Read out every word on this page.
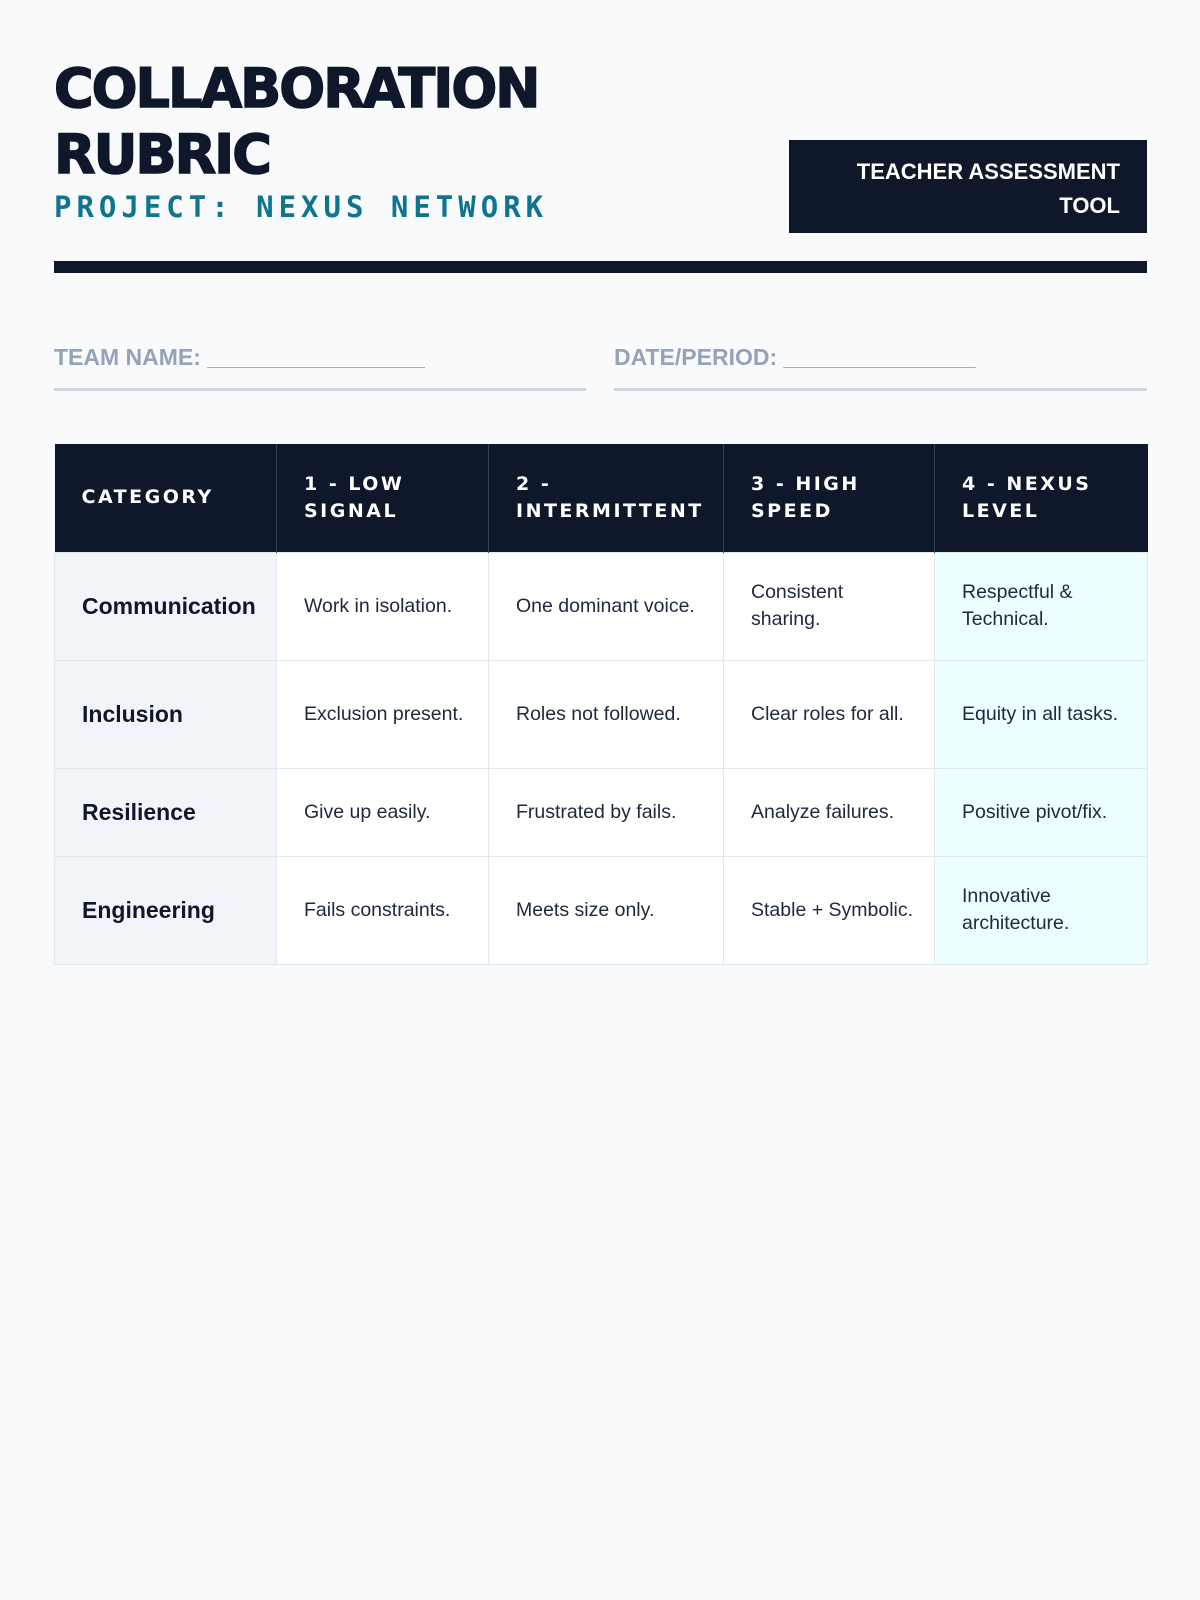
COLLABORATION
RUBRIC
PROJECT: NEXUS NETWORK
TEACHER ASSESSMENT
TOOL
TEAM NAME: _________________	DATE/PERIOD: _______________
CATEGORY	1 - LOW SIGNAL	2 - INTERMITTENT	3 - HIGH SPEED	4 - NEXUS LEVEL
Communication	Work in isolation.	One dominant voice.	Consistent sharing.	Respectful & Technical.
Inclusion	Exclusion present.	Roles not followed.	Clear roles for all.	Equity in all tasks.
Resilience	Give up easily.	Frustrated by fails.	Analyze failures.	Positive pivot/fix.
Engineering	Fails constraints.	Meets size only.	Stable + Symbolic.	Innovative architecture.
